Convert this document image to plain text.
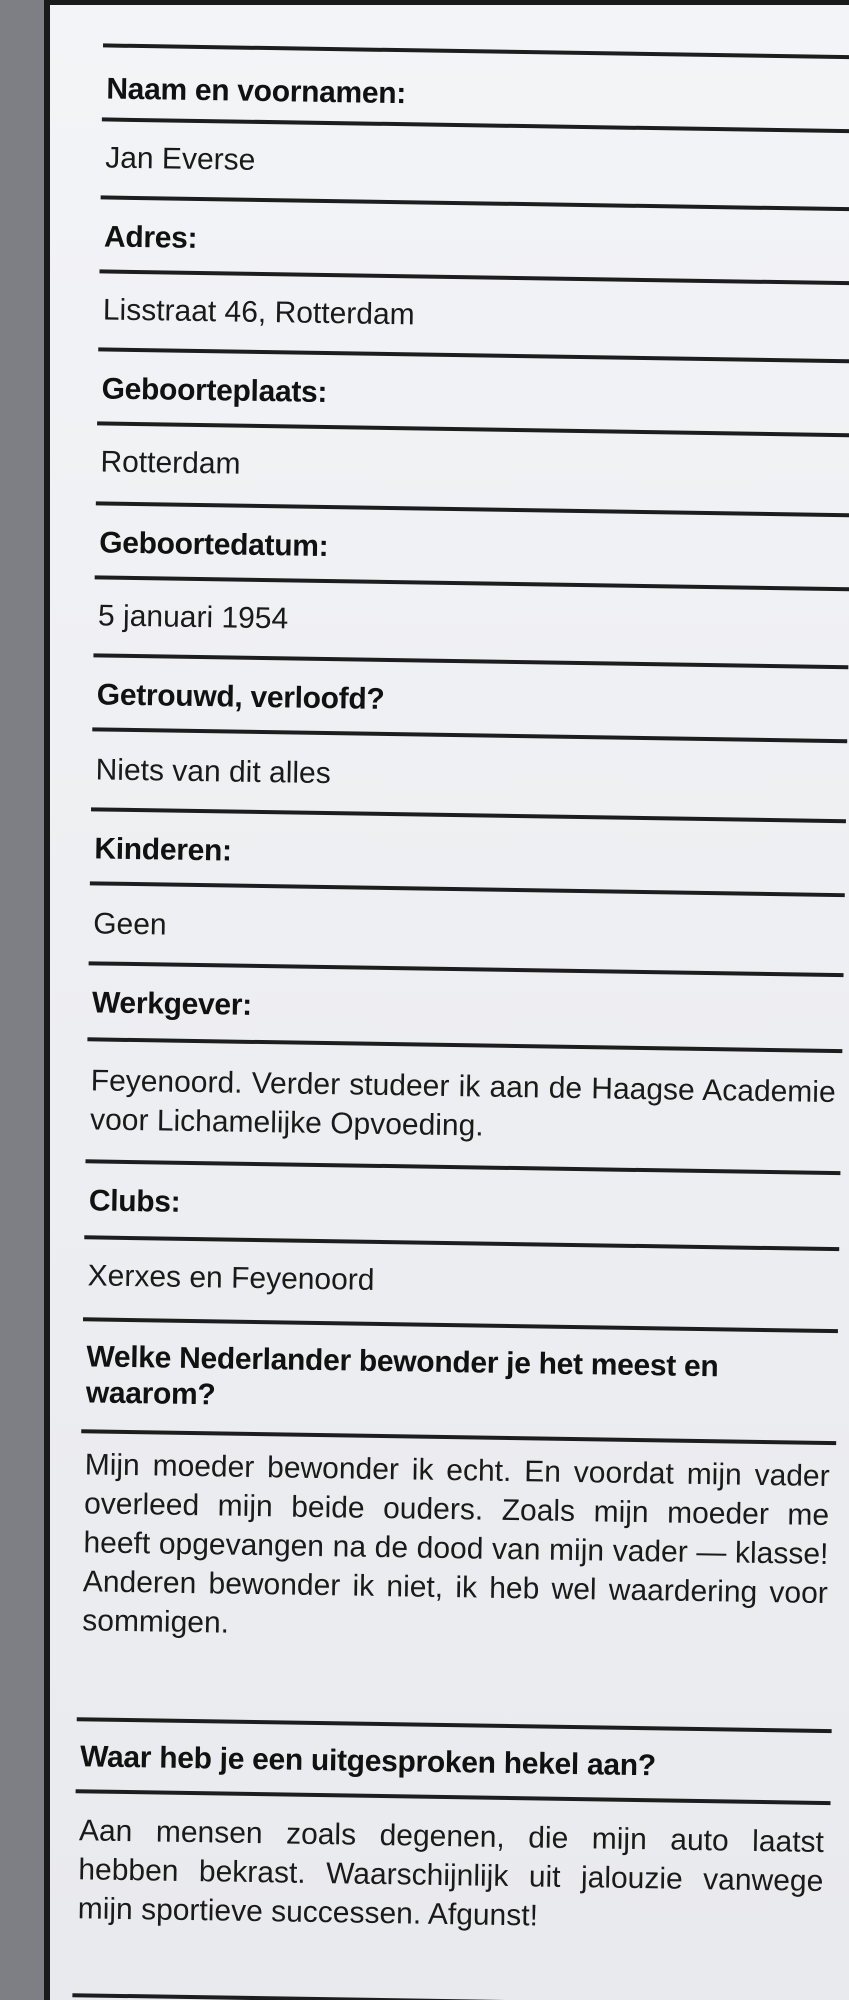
Naam en voornamen:
Jan Everse
Adres:
Lisstraat 46, Rotterdam
Geboorteplaats:
Rotterdam
Geboortedatum:
5 januari 1954
Getrouwd, verloofd?
Niets van dit alles
Kinderen:
Geen
Werkgever:
Feyenoord. Verder studeer ik aan de Haagse Academie voor Lichamelijke Opvoeding.
Clubs:
Xerxes en Feyenoord
Welke Nederlander bewonder je het meest en waarom?
Mijn moeder bewonder ik echt. En voordat mijn vader overleed mijn beide ouders. Zoals mijn moeder me heeft opgevangen na de dood van mijn vader — klasse! Anderen bewonder ik niet, ik heb wel waardering voor sommigen.
Waar heb je een uitgesproken hekel aan?
Aan mensen zoals degenen, die mijn auto laatst hebben bekrast. Waarschijnlijk uit jalouzie vanwege mijn sportieve successen. Afgunst!
